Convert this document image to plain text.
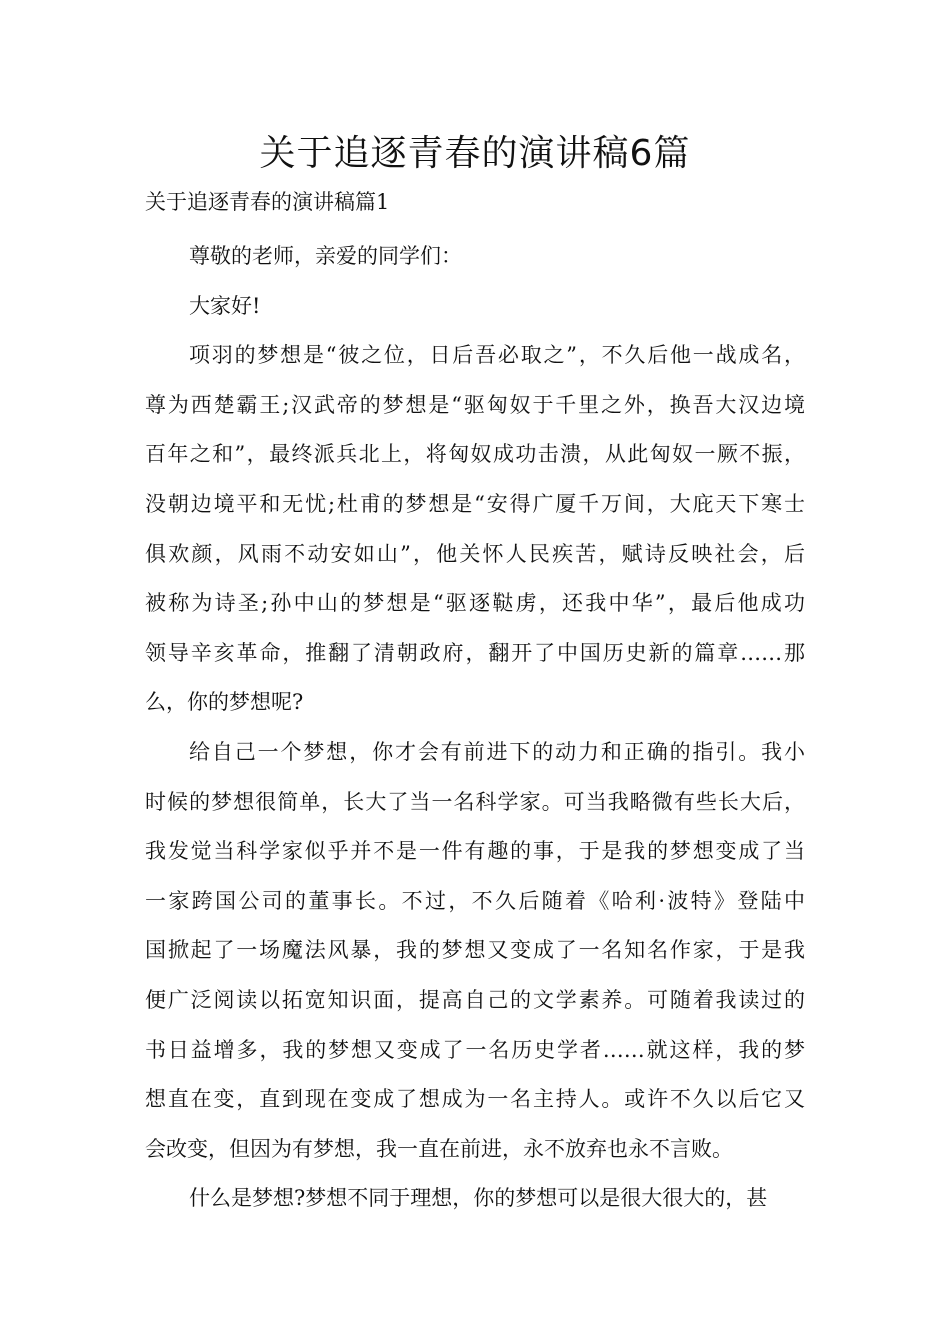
关于追逐青春的演讲稿6篇

关于追逐青春的演讲稿篇1

尊敬的老师，亲爱的同学们：

大家好!

项羽的梦想是“彼之位，日后吾必取之”，不久后他一战成名，
尊为西楚霸王;汉武帝的梦想是“驱匈奴于千里之外，换吾大汉边境
百年之和”，最终派兵北上，将匈奴成功击溃，从此匈奴一厥不振，
没朝边境平和无忧;杜甫的梦想是“安得广厦千万间，大庇天下寒士
俱欢颜，风雨不动安如山”，他关怀人民疾苦，赋诗反映社会，后
被称为诗圣;孙中山的梦想是“驱逐鞑虏，还我中华”，最后他成功
领导辛亥革命，推翻了清朝政府，翻开了中国历史新的篇章……那
么，你的梦想呢?

给自己一个梦想，你才会有前进下的动力和正确的指引。我小
时候的梦想很简单，长大了当一名科学家。可当我略微有些长大后，
我发觉当科学家似乎并不是一件有趣的事，于是我的梦想变成了当
一家跨国公司的董事长。不过，不久后随着《哈利·波特》登陆中
国掀起了一场魔法风暴，我的梦想又变成了一名知名作家，于是我
便广泛阅读以拓宽知识面，提高自己的文学素养。可随着我读过的
书日益增多，我的梦想又变成了一名历史学者……就这样，我的梦
想直在变，直到现在变成了想成为一名主持人。或许不久以后它又
会改变，但因为有梦想，我一直在前进，永不放弃也永不言败。

什么是梦想?梦想不同于理想，你的梦想可以是很大很大的，甚
